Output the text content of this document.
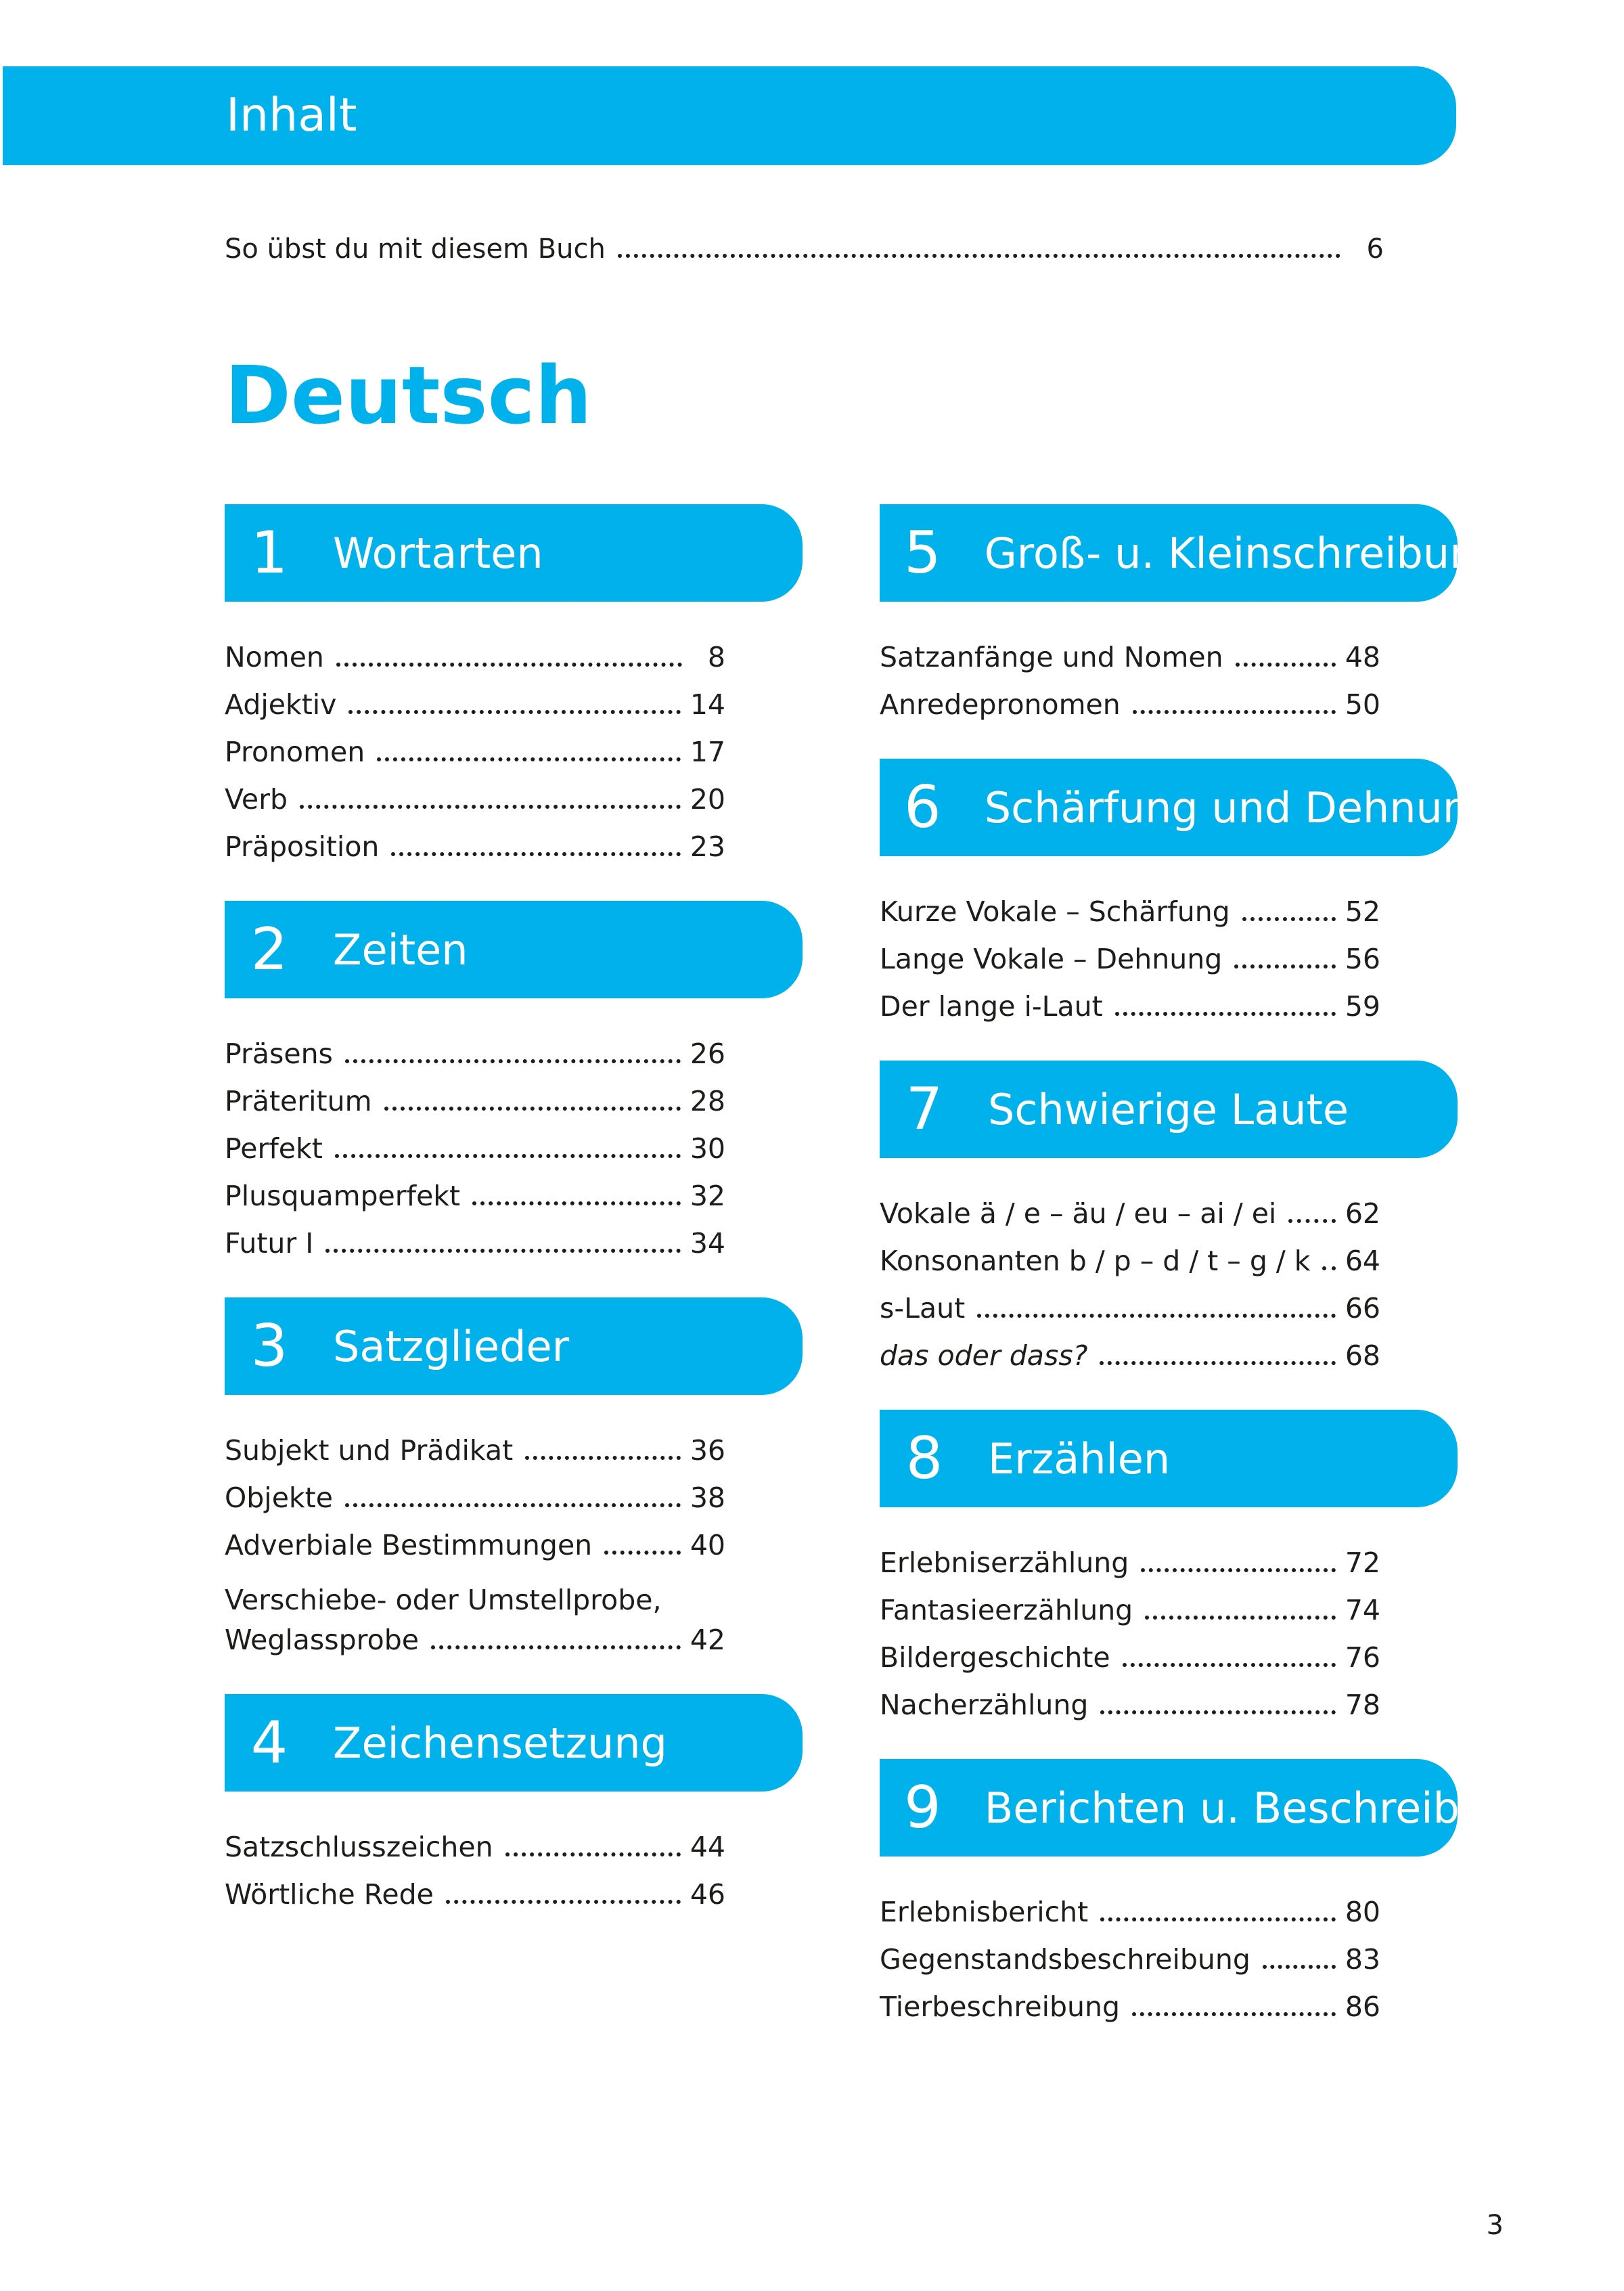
Inhalt
So übst du mit diesem Buch	6
Deutsch
1 Wortarten
Nomen	8
Adjektiv	14
Pronomen	17
Verb	20
Präposition	23
2 Zeiten
Präsens	26
Präteritum	28
Perfekt	30
Plusquamperfekt	32
Futur I	34
3 Satzglieder
Subjekt und Prädikat	36
Objekte	38
Adverbiale Bestimmungen	40
Verschiebe- oder Umstellprobe,
Weglassprobe	42
4 Zeichensetzung
Satzschlusszeichen	44
Wörtliche Rede	46
5 Groß- u. Kleinschreibung
Satzanfänge und Nomen	48
Anredepronomen	50
6 Schärfung und Dehnung
Kurze Vokale – Schärfung	52
Lange Vokale – Dehnung	56
Der lange i-Laut	59
7 Schwierige Laute
Vokale ä / e – äu / eu – ai / ei 62
Konsonanten b / p – d / t – g / k 64
s-Laut	66
das oder dass?	68
8 Erzählen
Erlebniserzählung	72
Fantasieerzählung	74
Bildergeschichte	76
Nacherzählung	78
9 Berichten u. Beschreiben
Erlebnisbericht	80
Gegenstandsbeschreibung	83
Tierbeschreibung	86
3
